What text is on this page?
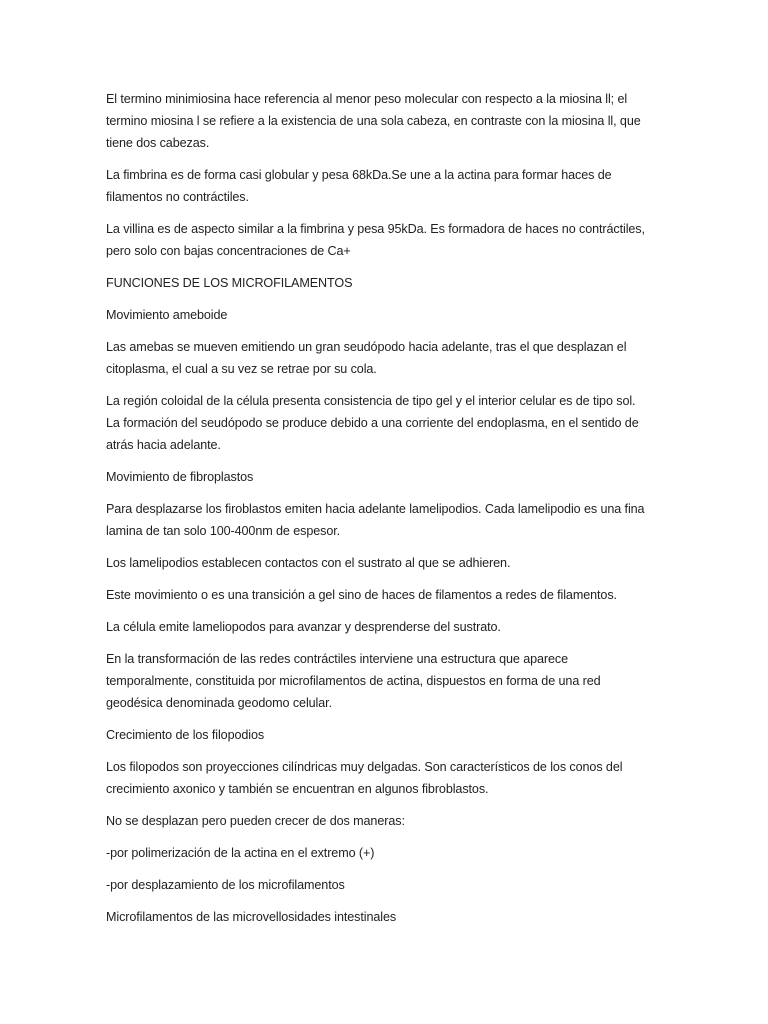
El termino minimiosina hace referencia al menor peso molecular con respecto a la miosina ll; el termino miosina l se refiere a la existencia de una sola cabeza, en contraste con la miosina ll, que tiene dos cabezas.

La fimbrina es de forma casi globular y pesa 68kDa.Se une a la actina para formar haces de filamentos no contráctiles.

La villina es de aspecto similar a la fimbrina y pesa 95kDa. Es formadora de haces no contráctiles, pero solo con bajas concentraciones de Ca+

FUNCIONES DE LOS MICROFILAMENTOS

Movimiento ameboide

Las amebas se mueven emitiendo un gran seudópodo hacia adelante, tras el que desplazan el citoplasma, el cual a su vez se retrae por su cola.

La región coloidal de la célula presenta consistencia de tipo gel y el interior celular es de tipo sol. La formación del seudópodo se produce debido a una corriente del endoplasma, en el sentido de atrás hacia adelante.

Movimiento de fibroplastos

Para desplazarse los firoblastos emiten hacia adelante lamelipodios. Cada lamelipodio es una fina lamina de tan solo 100-400nm de espesor.

Los lamelipodios establecen contactos con el sustrato al que se adhieren.

Este movimiento o es una transición a gel sino de haces de filamentos a redes de filamentos.

La célula emite lameliopodos para avanzar y desprenderse del sustrato.

En la transformación de las redes contráctiles interviene una estructura que aparece temporalmente, constituida por microfilamentos de actina, dispuestos en forma de una red geodésica denominada geodomo celular.

Crecimiento de los filopodios

Los filopodos son proyecciones cilíndricas muy delgadas. Son característicos de los conos del crecimiento axonico y también se encuentran en algunos fibroblastos.

No se desplazan pero pueden crecer de dos maneras:

-por polimerización de la actina en el extremo (+)

-por desplazamiento de los microfilamentos

Microfilamentos de las microvellosidades intestinales
